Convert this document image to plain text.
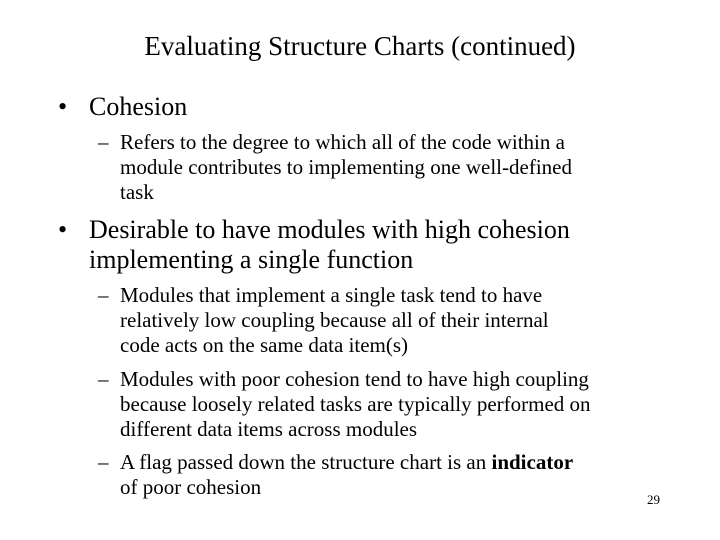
Evaluating Structure Charts (continued)
• Cohesion
– Refers to the degree to which all of the code within a
module contributes to implementing one well-defined
task
• Desirable to have modules with high cohesion
implementing a single function
– Modules that implement a single task tend to have
relatively low coupling because all of their internal
code acts on the same data item(s)
– Modules with poor cohesion tend to have high coupling
because loosely related tasks are typically performed on
different data items across modules
– A flag passed down the structure chart is an indicator
of poor cohesion
29
